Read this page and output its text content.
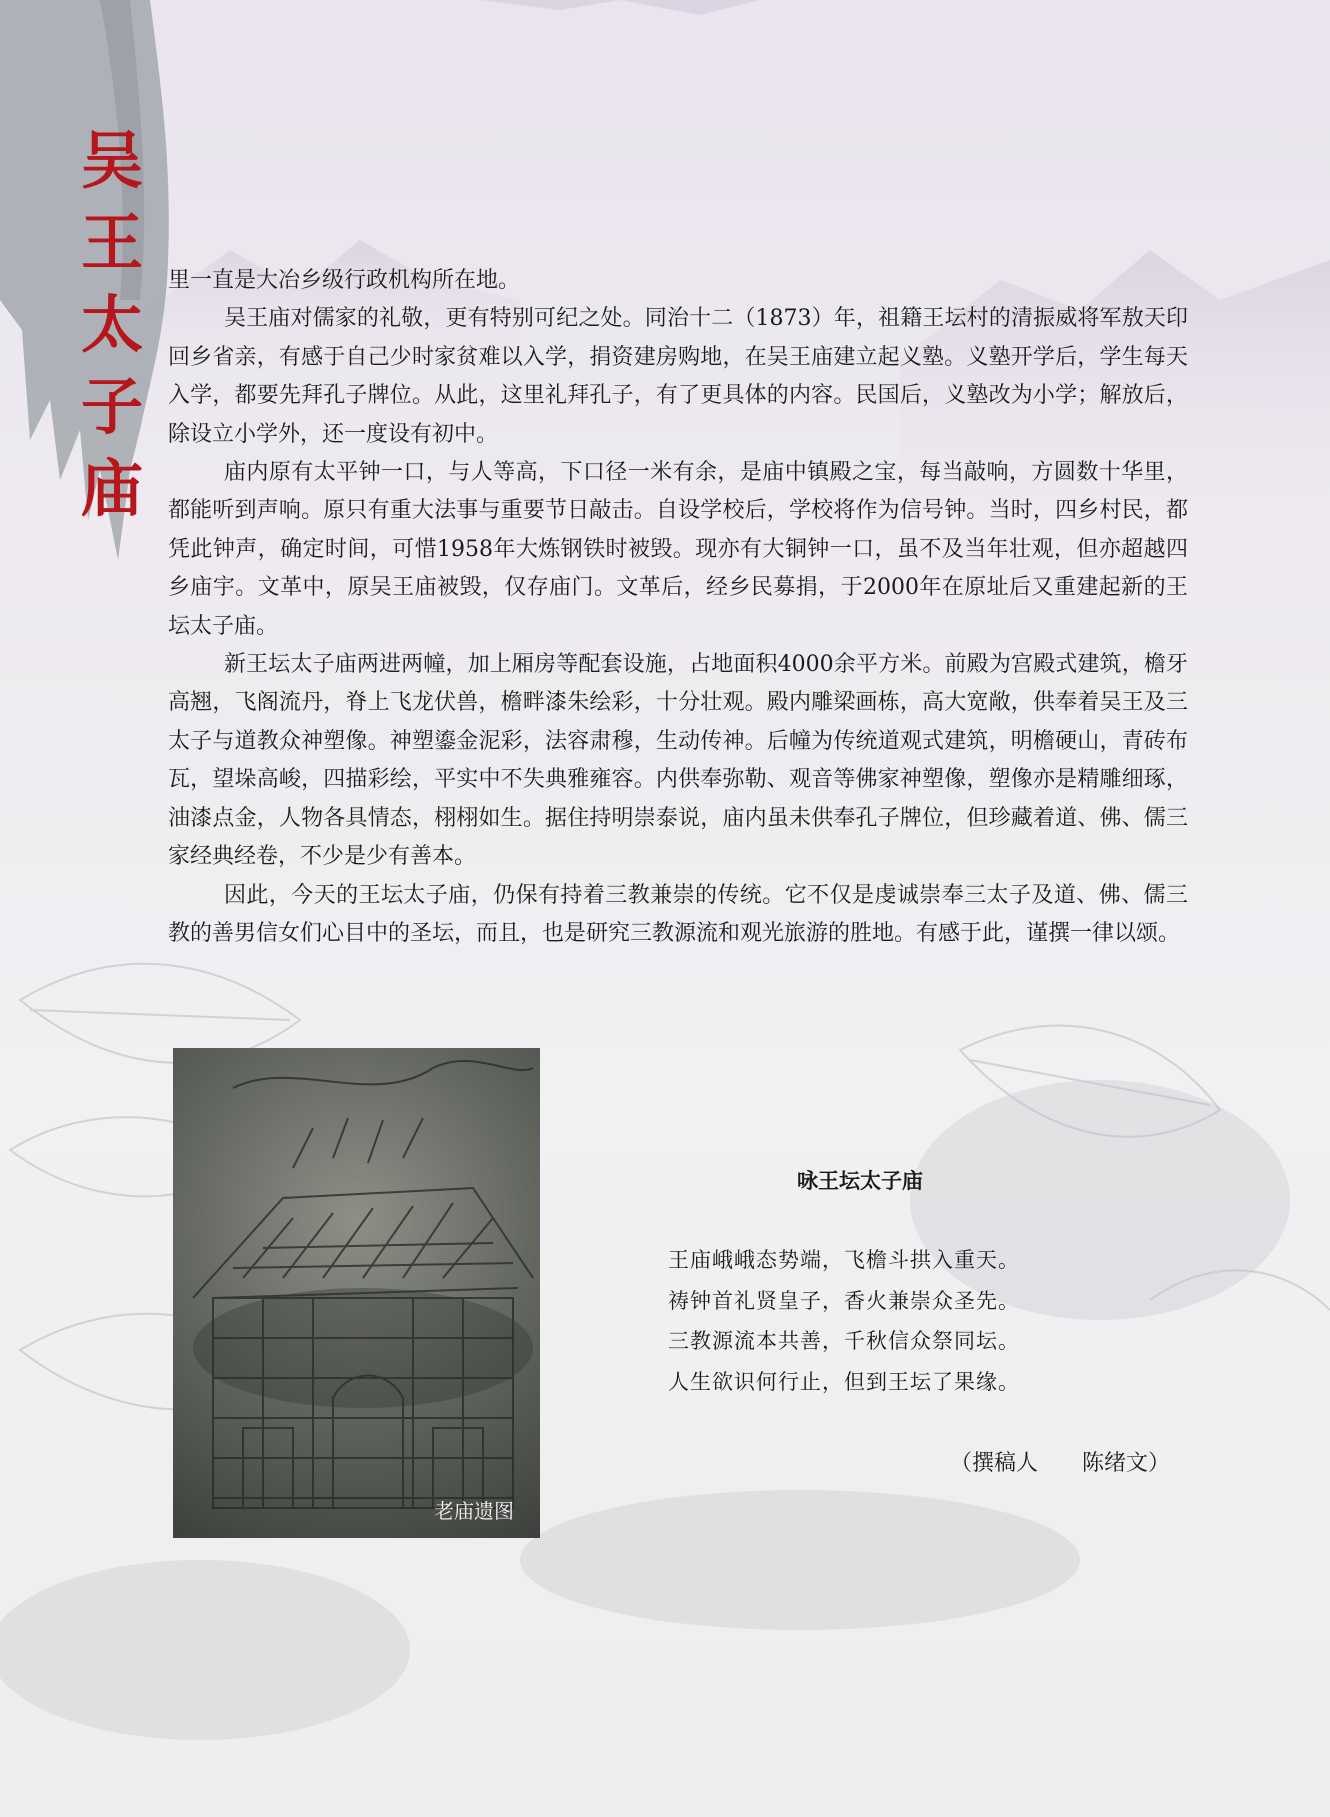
吴
王
太
子
庙

里一直是大冶乡级行政机构所在地。

吴王庙对儒家的礼敬，更有特别可纪之处。同治十二（1873）年，祖籍王坛村的清振威将军敖天印回乡省亲，有感于自己少时家贫难以入学，捐资建房购地，在吴王庙建立起义塾。义塾开学后，学生每天入学，都要先拜孔子牌位。从此，这里礼拜孔子，有了更具体的内容。民国后，义塾改为小学；解放后，除设立小学外，还一度设有初中。

庙内原有太平钟一口，与人等高，下口径一米有余，是庙中镇殿之宝，每当敲响，方圆数十华里，都能听到声响。原只有重大法事与重要节日敲击。自设学校后，学校将作为信号钟。当时，四乡村民，都凭此钟声，确定时间，可惜1958年大炼钢铁时被毁。现亦有大铜钟一口，虽不及当年壮观，但亦超越四乡庙宇。文革中，原吴王庙被毁，仅存庙门。文革后，经乡民募捐，于2000年在原址后又重建起新的王坛太子庙。

新王坛太子庙两进两幢，加上厢房等配套设施，占地面积4000余平方米。前殿为宫殿式建筑，檐牙高翘，飞阁流丹，脊上飞龙伏兽，檐畔漆朱绘彩，十分壮观。殿内雕梁画栋，高大宽敞，供奉着吴王及三太子与道教众神塑像。神塑鎏金泥彩，法容肃穆，生动传神。后幢为传统道观式建筑，明檐硬山，青砖布瓦，望垛高峻，四描彩绘，平实中不失典雅雍容。内供奉弥勒、观音等佛家神塑像，塑像亦是精雕细琢，油漆点金，人物各具情态，栩栩如生。据住持明崇泰说，庙内虽未供奉孔子牌位，但珍藏着道、佛、儒三家经典经卷，不少是少有善本。

因此，今天的王坛太子庙，仍保有持着三教兼崇的传统。它不仅是虔诚崇奉三太子及道、佛、儒三教的善男信女们心目中的圣坛，而且，也是研究三教源流和观光旅游的胜地。有感于此，谨撰一律以颂。

老庙遗图
咏王坛太子庙
王庙峨峨态势端，飞檐斗拱入重天。
祷钟首礼贤皇子，香火兼崇众圣先。
三教源流本共善，千秋信众祭同坛。
人生欲识何行止，但到王坛了果缘。
（撰稿人　　陈绪文）
